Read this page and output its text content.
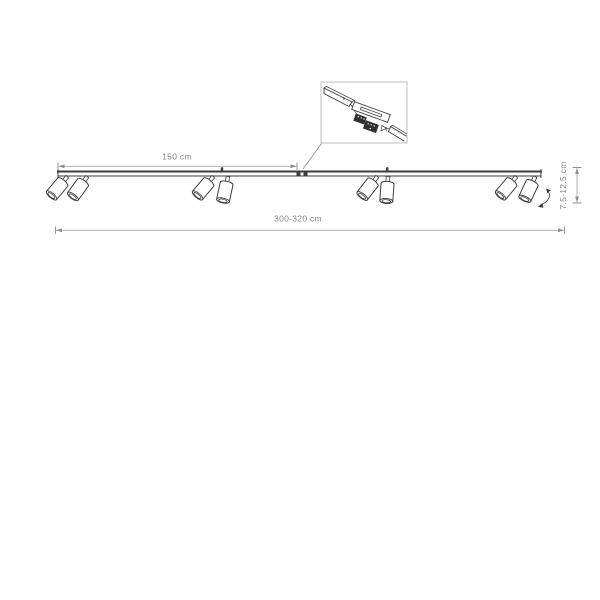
150 cm
300-320 cm
7.5-12.5 cm
